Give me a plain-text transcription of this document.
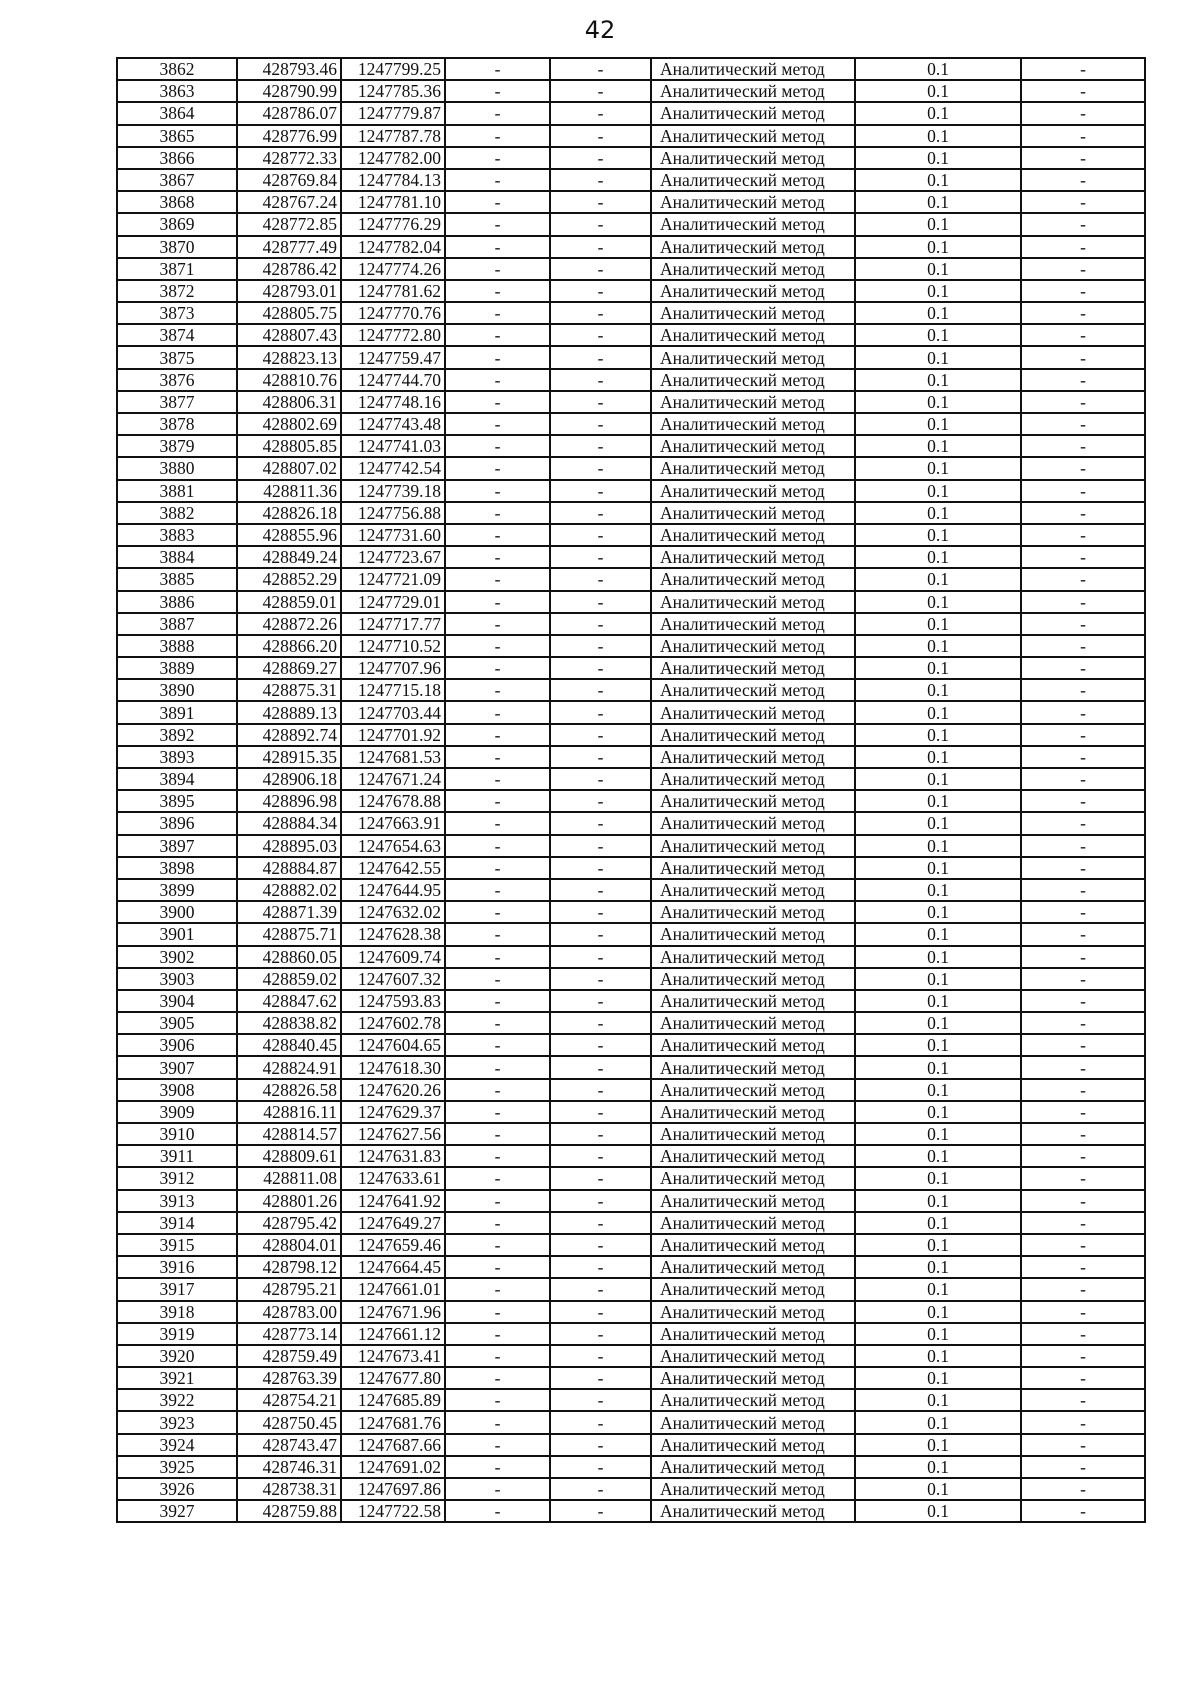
42
3862	428793.46	1247799.25	-	-	Аналитический метод	0.1	-
3863	428790.99	1247785.36	-	-	Аналитический метод	0.1	-
3864	428786.07	1247779.87	-	-	Аналитический метод	0.1	-
3865	428776.99	1247787.78	-	-	Аналитический метод	0.1	-
3866	428772.33	1247782.00	-	-	Аналитический метод	0.1	-
3867	428769.84	1247784.13	-	-	Аналитический метод	0.1	-
3868	428767.24	1247781.10	-	-	Аналитический метод	0.1	-
3869	428772.85	1247776.29	-	-	Аналитический метод	0.1	-
3870	428777.49	1247782.04	-	-	Аналитический метод	0.1	-
3871	428786.42	1247774.26	-	-	Аналитический метод	0.1	-
3872	428793.01	1247781.62	-	-	Аналитический метод	0.1	-
3873	428805.75	1247770.76	-	-	Аналитический метод	0.1	-
3874	428807.43	1247772.80	-	-	Аналитический метод	0.1	-
3875	428823.13	1247759.47	-	-	Аналитический метод	0.1	-
3876	428810.76	1247744.70	-	-	Аналитический метод	0.1	-
3877	428806.31	1247748.16	-	-	Аналитический метод	0.1	-
3878	428802.69	1247743.48	-	-	Аналитический метод	0.1	-
3879	428805.85	1247741.03	-	-	Аналитический метод	0.1	-
3880	428807.02	1247742.54	-	-	Аналитический метод	0.1	-
3881	428811.36	1247739.18	-	-	Аналитический метод	0.1	-
3882	428826.18	1247756.88	-	-	Аналитический метод	0.1	-
3883	428855.96	1247731.60	-	-	Аналитический метод	0.1	-
3884	428849.24	1247723.67	-	-	Аналитический метод	0.1	-
3885	428852.29	1247721.09	-	-	Аналитический метод	0.1	-
3886	428859.01	1247729.01	-	-	Аналитический метод	0.1	-
3887	428872.26	1247717.77	-	-	Аналитический метод	0.1	-
3888	428866.20	1247710.52	-	-	Аналитический метод	0.1	-
3889	428869.27	1247707.96	-	-	Аналитический метод	0.1	-
3890	428875.31	1247715.18	-	-	Аналитический метод	0.1	-
3891	428889.13	1247703.44	-	-	Аналитический метод	0.1	-
3892	428892.74	1247701.92	-	-	Аналитический метод	0.1	-
3893	428915.35	1247681.53	-	-	Аналитический метод	0.1	-
3894	428906.18	1247671.24	-	-	Аналитический метод	0.1	-
3895	428896.98	1247678.88	-	-	Аналитический метод	0.1	-
3896	428884.34	1247663.91	-	-	Аналитический метод	0.1	-
3897	428895.03	1247654.63	-	-	Аналитический метод	0.1	-
3898	428884.87	1247642.55	-	-	Аналитический метод	0.1	-
3899	428882.02	1247644.95	-	-	Аналитический метод	0.1	-
3900	428871.39	1247632.02	-	-	Аналитический метод	0.1	-
3901	428875.71	1247628.38	-	-	Аналитический метод	0.1	-
3902	428860.05	1247609.74	-	-	Аналитический метод	0.1	-
3903	428859.02	1247607.32	-	-	Аналитический метод	0.1	-
3904	428847.62	1247593.83	-	-	Аналитический метод	0.1	-
3905	428838.82	1247602.78	-	-	Аналитический метод	0.1	-
3906	428840.45	1247604.65	-	-	Аналитический метод	0.1	-
3907	428824.91	1247618.30	-	-	Аналитический метод	0.1	-
3908	428826.58	1247620.26	-	-	Аналитический метод	0.1	-
3909	428816.11	1247629.37	-	-	Аналитический метод	0.1	-
3910	428814.57	1247627.56	-	-	Аналитический метод	0.1	-
3911	428809.61	1247631.83	-	-	Аналитический метод	0.1	-
3912	428811.08	1247633.61	-	-	Аналитический метод	0.1	-
3913	428801.26	1247641.92	-	-	Аналитический метод	0.1	-
3914	428795.42	1247649.27	-	-	Аналитический метод	0.1	-
3915	428804.01	1247659.46	-	-	Аналитический метод	0.1	-
3916	428798.12	1247664.45	-	-	Аналитический метод	0.1	-
3917	428795.21	1247661.01	-	-	Аналитический метод	0.1	-
3918	428783.00	1247671.96	-	-	Аналитический метод	0.1	-
3919	428773.14	1247661.12	-	-	Аналитический метод	0.1	-
3920	428759.49	1247673.41	-	-	Аналитический метод	0.1	-
3921	428763.39	1247677.80	-	-	Аналитический метод	0.1	-
3922	428754.21	1247685.89	-	-	Аналитический метод	0.1	-
3923	428750.45	1247681.76	-	-	Аналитический метод	0.1	-
3924	428743.47	1247687.66	-	-	Аналитический метод	0.1	-
3925	428746.31	1247691.02	-	-	Аналитический метод	0.1	-
3926	428738.31	1247697.86	-	-	Аналитический метод	0.1	-
3927	428759.88	1247722.58	-	-	Аналитический метод	0.1	-
